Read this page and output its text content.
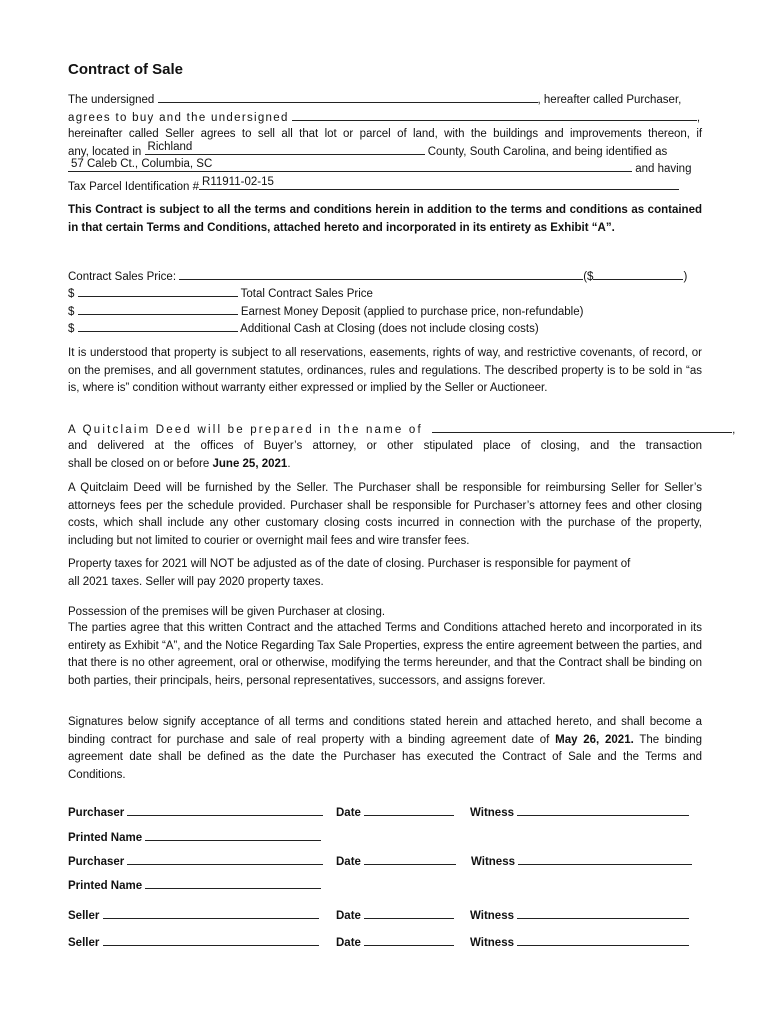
Contract of Sale
The undersigned	, hereafter called Purchaser,
agrees to buy and the undersigned	,
hereinafter called Seller agrees to sell all that lot or parcel of land, with the buildings and improvements thereon, if
any, located in Richland	County, South Carolina, and being identified as
57 Caleb Ct., Columbia, SC	and having
Tax Parcel Identification # R11911-02-15
This Contract is subject to all the terms and conditions herein in addition to the terms and conditions as contained in that certain Terms and Conditions, attached hereto and incorporated in its entirety as Exhibit “A”.
Contract Sales Price:	($	)
$	Total Contract Sales Price
$	Earnest Money Deposit (applied to purchase price, non-refundable)
$	Additional Cash at Closing (does not include closing costs)
It is understood that property is subject to all reservations, easements, rights of way, and restrictive covenants, of record, or on the premises, and all government statutes, ordinances, rules and regulations. The described property is to be sold in “as is, where is” condition without warranty either expressed or implied by the Seller or Auctioneer.
A Quitclaim Deed will be prepared in the name of	,
and delivered at the offices of Buyer’s attorney, or other stipulated place of closing, and the transaction
shall be closed on or before June 25, 2021.
A Quitclaim Deed will be furnished by the Seller. The Purchaser shall be responsible for reimbursing Seller for Seller’s attorneys fees per the schedule provided. Purchaser shall be responsible for Purchaser’s attorney fees and other closing costs, which shall include any other customary closing costs incurred in connection with the purchase of the property, including but not limited to courier or overnight mail fees and wire transfer fees.
Property taxes for 2021 will NOT be adjusted as of the date of closing. Purchaser is responsible for payment of
all 2021 taxes. Seller will pay 2020 property taxes.
Possession of the premises will be given Purchaser at closing.
The parties agree that this written Contract and the attached Terms and Conditions attached hereto and incorporated in its entirety as Exhibit “A”, and the Notice Regarding Tax Sale Properties, express the entire agreement between the parties, and that there is no other agreement, oral or otherwise, modifying the terms hereunder, and that the Contract shall be binding on both parties, their principals, heirs, personal representatives, successors, and assigns forever.
Signatures below signify acceptance of all terms and conditions stated herein and attached hereto, and shall become a binding contract for purchase and sale of real property with a binding agreement date of May 26, 2021. The binding agreement date shall be defined as the date the Purchaser has executed the Contract of Sale and the Terms and Conditions.
Purchaser	Date	Witness
Printed Name
Purchaser	Date	Witness
Printed Name
Seller	Date	Witness
Seller	Date	Witness
